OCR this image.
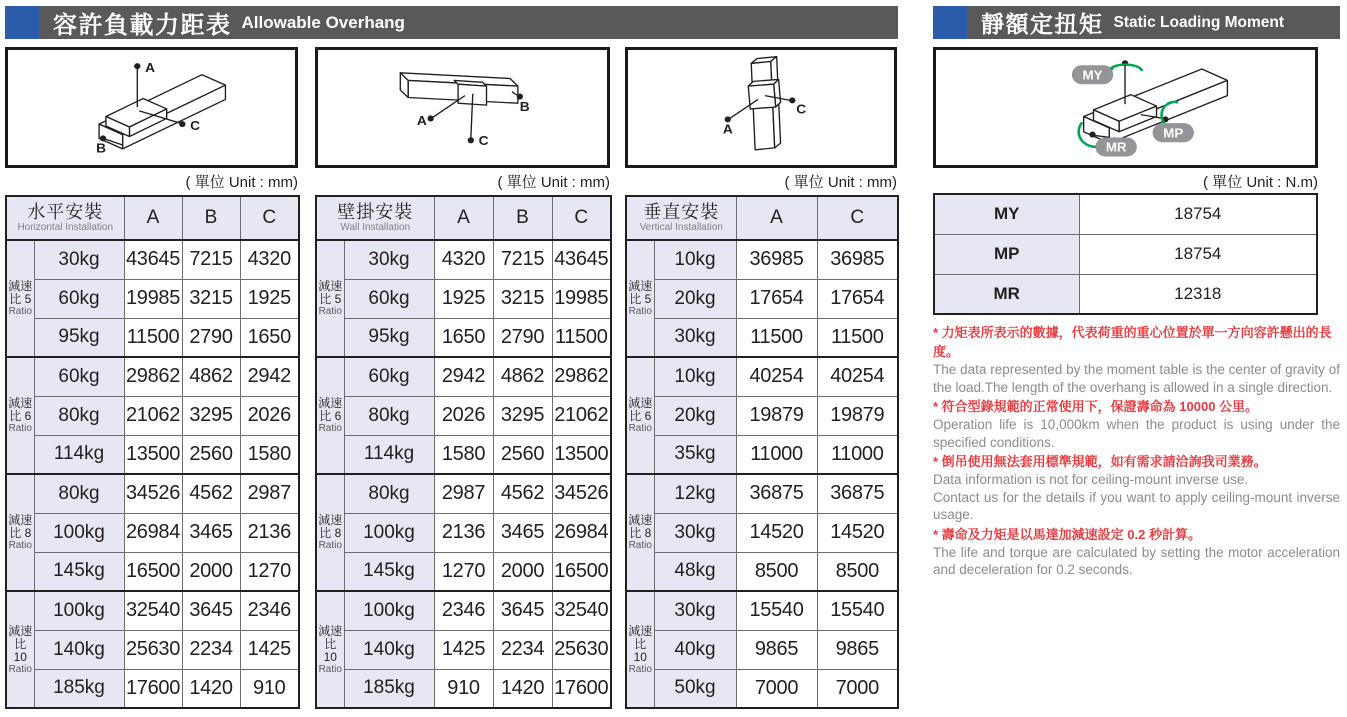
容許負載力距表 Allowable Overhang
A
C
B
A
C
B
A
C
( 單位 Unit : mm)	( 單位 Unit : mm)	( 單位 Unit : mm)
水平安裝
Horizontal Installation		A	B	C

減速
比 5
Ratio	30kg	43645	7215	4320
	60kg	19985	3215	1925
	95kg	11500	2790	1650

減速
比 6
Ratio	60kg	29862	4862	2942
	80kg	21062	3295	2026
	114kg	13500	2560	1580

減速
比 8
Ratio	80kg	34526	4562	2987
	100kg	26984	3465	2136
	145kg	16500	2000	1270

減速
比
10
Ratio	100kg	32540	3645	2346
	140kg	25630	2234	1425
	185kg	17600	1420	910
壁掛安裝
Wall Installation		A	B	C

減速
比 5
Ratio	30kg	4320	7215	43645
	60kg	1925	3215	19985
	95kg	1650	2790	11500

減速
比 6
Ratio	60kg	2942	4862	29862
	80kg	2026	3295	21062
	114kg	1580	2560	13500

減速
比 8
Ratio	80kg	2987	4562	34526
	100kg	2136	3465	26984
	145kg	1270	2000	16500

減速
比
10
Ratio	100kg	2346	3645	32540
	140kg	1425	2234	25630
	185kg	910	1420	17600
垂直安裝
Vertical Installation		A	C

減速
比 5
Ratio	10kg	36985	36985
	20kg	17654	17654
	30kg	11500	11500

減速
比 6
Ratio	10kg	40254	40254
	20kg	19879	19879
	35kg	11000	11000

減速
比 8
Ratio	12kg	36875	36875
	30kg	14520	14520
	48kg	8500	8500

減速
比
10
Ratio	30kg	15540	15540
	40kg	9865	9865
	50kg	7000	7000
靜額定扭矩 Static Loading Moment
MY
MP
MR
( 單位 Unit : N.m)
MY	18754
MP	18754
MR	12318
* 力矩表所表示的數據，代表荷重的重心位置於單一方向容許懸出的長度。
The data represented by the moment table is the center of gravity of the load.The length of the overhang is allowed in a single direction.
* 符合型錄規範的正常使用下，保證壽命為 10000 公里。
Operation life is 10,000km when the product is using under the specified conditions.
* 倒吊使用無法套用標準規範，如有需求請洽詢我司業務。
Data information is not for ceiling-mount inverse use.
Contact us for the details if you want to apply ceiling-mount inverse usage.
* 壽命及力矩是以馬達加減速設定 0.2 秒計算。
The life and torque are calculated by setting the motor acceleration and deceleration for 0.2 seconds.
